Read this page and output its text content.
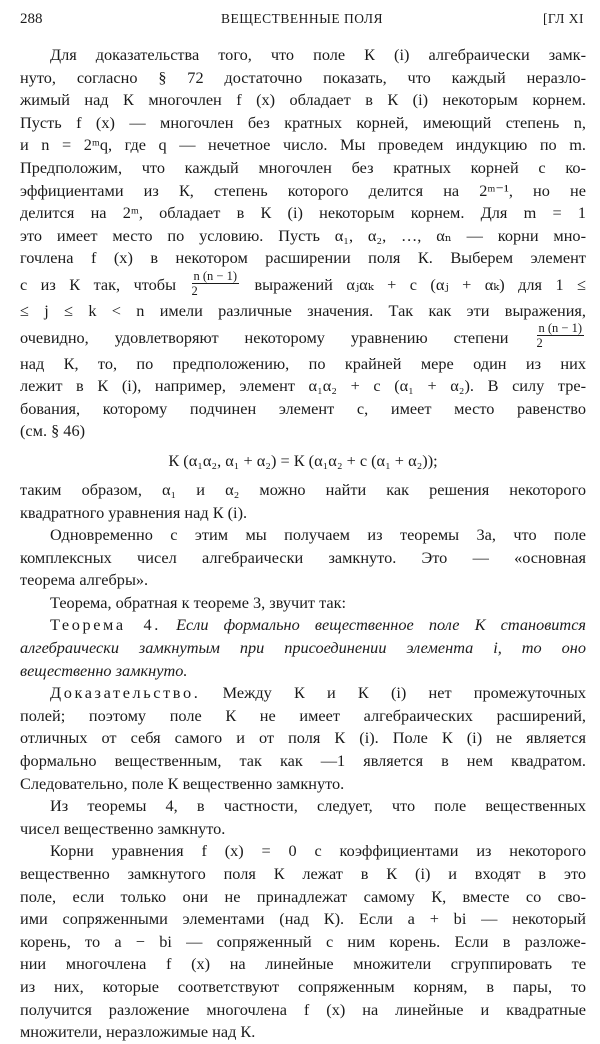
288	ВЕЩЕСТВЕННЫЕ ПОЛЯ	[ГЛ XI
Для доказательства того, что поле К (i) алгебраически замк-
нуто, согласно § 72 достаточно показать, что каждый неразло-
жимый над К многочлен f (x) обладает в К (i) некоторым корнем.
Пусть f (x) — многочлен без кратных корней, имеющий степень n,
и n = 2ᵐq, где q — нечетное число. Мы проведем индукцию по m.
Предположим, что каждый многочлен без кратных корней с ко-
эффициентами из К, степень которого делится на 2ᵐ⁻¹, но не
делится на 2ᵐ, обладает в К (i) некоторым корнем. Для m = 1
это имеет место по условию. Пусть α₁, α₂, …, αₙ — корни мно-
гочлена f (x) в некотором расширении поля К. Выберем элемент
c из К так, чтобы $\frac{n (n - 1)}{2}$ выражений αⱼαₖ + c (αⱼ + αₖ) для 1 ≤
≤ j ≤ k < n имели различные значения. Так как эти выражения,
очевидно, удовлетворяют некоторому уравнению степени $\frac{n (n - 1)}{2}$
над К, то, по предположению, по крайней мере один из них
лежит в К (i), например, элемент α₁α₂ + c (α₁ + α₂). В силу тре-
бования, которому подчинен элемент c, имеет место равенство
(см. § 46)
К (α₁α₂, α₁ + α₂) = К (α₁α₂ + c (α₁ + α₂));
таким образом, α₁ и α₂ можно найти как решения некоторого
квадратного уравнения над К (i).
Одновременно с этим мы получаем из теоремы 3а, что поле
комплексных чисел алгебраически замкнуто. Это — «основная
теорема алгебры».
Теорема, обратная к теореме 3, звучит так:
Теорема 4. Если формально вещественное поле К становится
алгебраически замкнутым при присоединении элемента i, то оно
вещественно замкнуто.
Доказательство. Между К и К (i) нет промежуточных
полей; поэтому поле К не имеет алгебраических расширений,
отличных от себя самого и от поля К (i). Поле К (i) не является
формально вещественным, так как —1 является в нем квадратом.
Следовательно, поле К вещественно замкнуто.
Из теоремы 4, в частности, следует, что поле вещественных
чисел вещественно замкнуто.
Корни уравнения f (x) = 0 с коэффициентами из некоторого
вещественно замкнутого поля К лежат в К (i) и входят в это
поле, если только они не принадлежат самому К, вместе со сво-
ими сопряженными элементами (над К). Если a + bi — некоторый
корень, то a − bi — сопряженный с ним корень. Если в разложе-
нии многочлена f (x) на линейные множители сгруппировать те
из них, которые соответствуют сопряженным корням, в пары, то
получится разложение многочлена f (x) на линейные и квадратные
множители, неразложимые над К.
